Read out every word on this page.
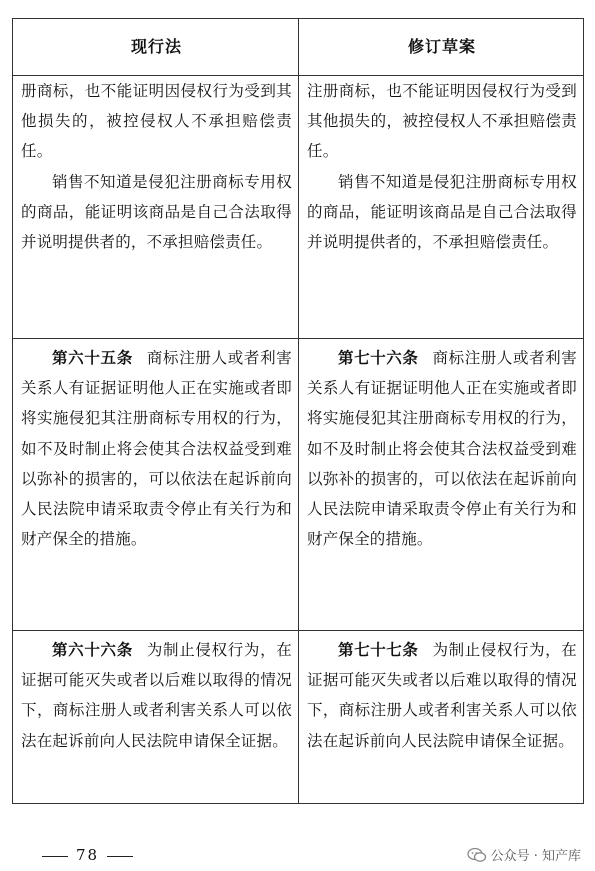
现行法	修订草案

册商标，也不能证明因侵权行为受到其他损失的，被控侵权人不承担赔偿责任。

销售不知道是侵犯注册商标专用权的商品，能证明该商品是自己合法取得并说明提供者的，不承担赔偿责任。

注册商标，也不能证明因侵权行为受到其他损失的，被控侵权人不承担赔偿责任。

销售不知道是侵犯注册商标专用权的商品，能证明该商品是自己合法取得并说明提供者的，不承担赔偿责任。

第六十五条 商标注册人或者利害关系人有证据证明他人正在实施或者即将实施侵犯其注册商标专用权的行为，如不及时制止将会使其合法权益受到难以弥补的损害的，可以依法在起诉前向人民法院申请采取责令停止有关行为和财产保全的措施。

第七十六条 商标注册人或者利害关系人有证据证明他人正在实施或者即将实施侵犯其注册商标专用权的行为，如不及时制止将会使其合法权益受到难以弥补的损害的，可以依法在起诉前向人民法院申请采取责令停止有关行为和财产保全的措施。

第六十六条 为制止侵权行为，在证据可能灭失或者以后难以取得的情况下，商标注册人或者利害关系人可以依法在起诉前向人民法院申请保全证据。

第七十七条 为制止侵权行为，在证据可能灭失或者以后难以取得的情况下，商标注册人或者利害关系人可以依法在起诉前向人民法院申请保全证据。

78	公众号 · 知产库
